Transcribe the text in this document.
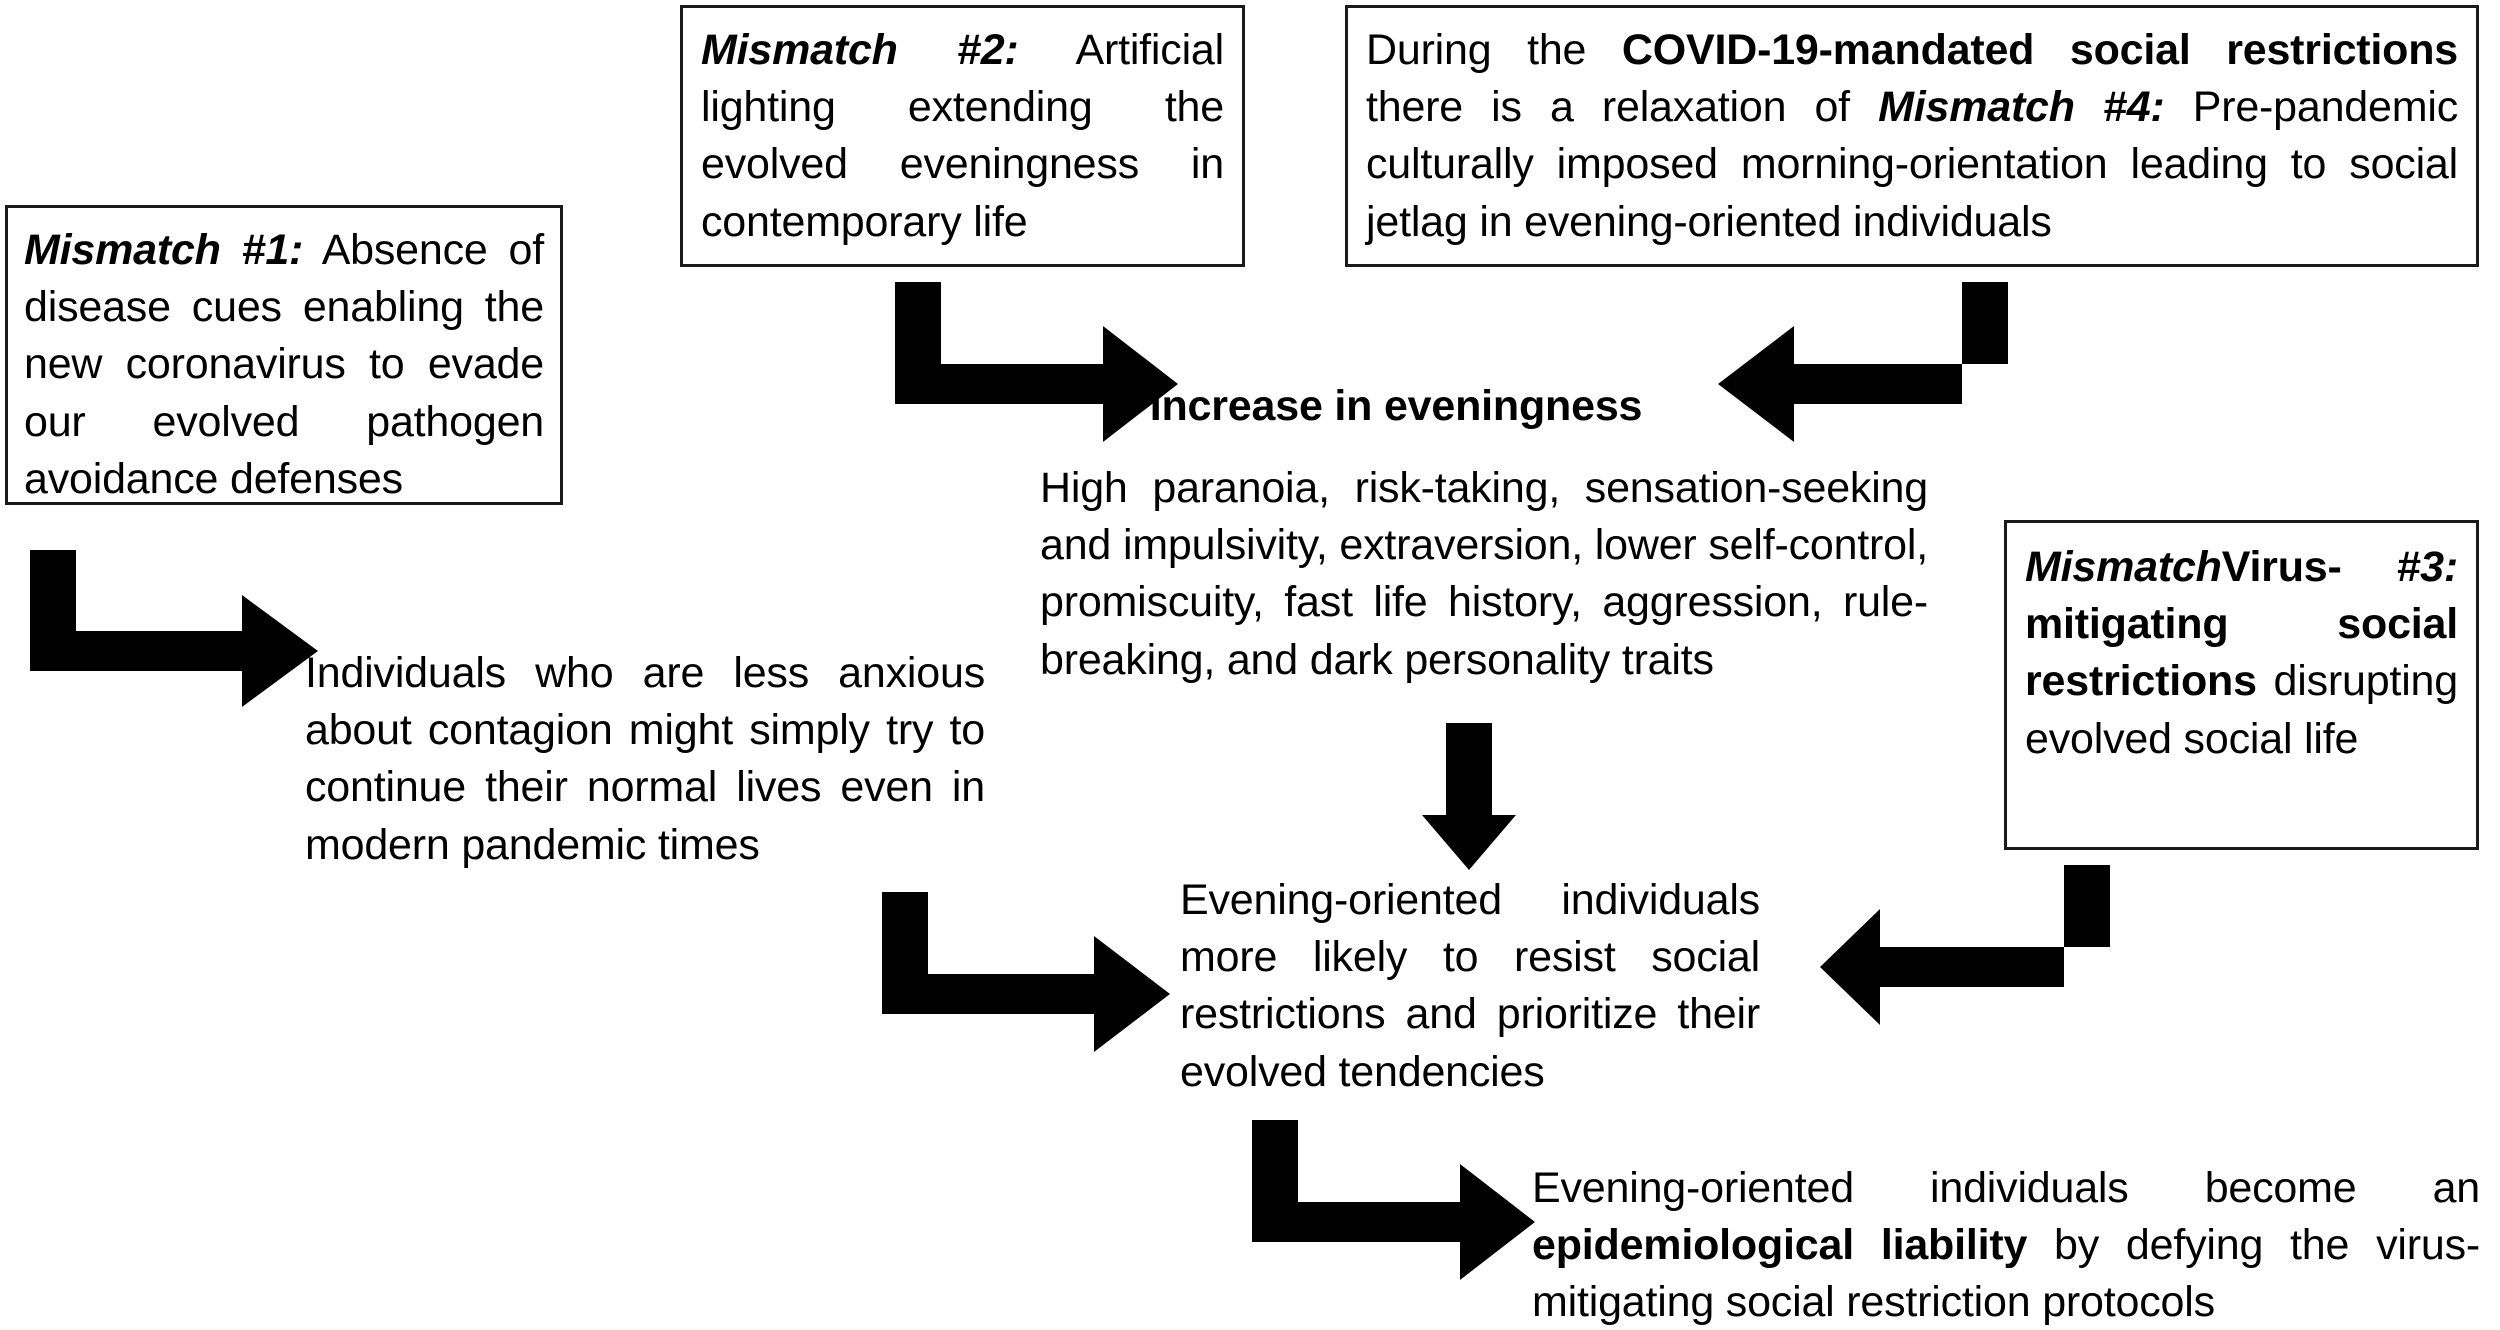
Mismatch #1: Absence of disease cues enabling the new coronavirus to evade our evolved pathogen avoidance defenses
Mismatch #2: Artificial lighting extending the evolved eveningness in contemporary life
During the COVID-19-mandated social restrictions there is a relaxation of Mismatch #4: Pre-pandemic culturally imposed morning-orientation leading to social jetlag in evening-oriented individuals
Mismatch	#3:
Virus-mitigating social restrictions disrupting evolved social life
Individuals who are less anxious about contagion might simply try to continue their normal lives even in modern pandemic times
Increase in eveningness
High paranoia, risk-taking, sensation-seeking and impulsivity, extraversion, lower self-control, promiscuity, fast life history, aggression, rule-breaking, and dark personality traits
Evening-oriented individuals more likely to resist social restrictions and prioritize their evolved tendencies
Evening-oriented individuals become an epidemiological liability by defying the virus-mitigating social restriction protocols
